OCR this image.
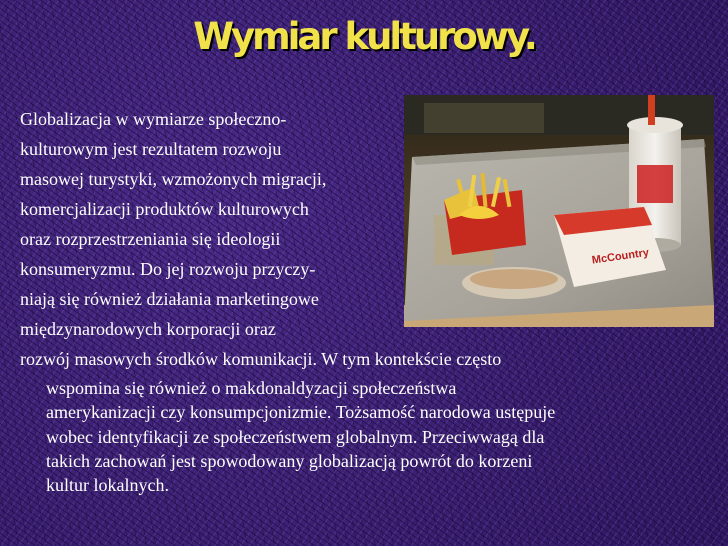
Wymiar kulturowy.
McCountry
Globalizacja w wymiarze społeczno-
kulturowym jest rezultatem rozwoju
masowej turystyki, wzmożonych migracji,
komercjalizacji produktów kulturowych
oraz rozprzestrzeniania się ideologii
konsumeryzmu. Do jej rozwoju przyczy-
niają się również działania marketingowe
międzynarodowych korporacji oraz
rozwój masowych środków komunikacji. W tym kontekście często
wspomina się również o makdonaldyzacji społeczeństwa
amerykanizacji czy konsumpcjonizmie. Tożsamość narodowa ustępuje
wobec identyfikacji ze społeczeństwem globalnym. Przeciwwagą dla
takich zachowań jest spowodowany globalizacją powrót do korzeni
kultur lokalnych.
